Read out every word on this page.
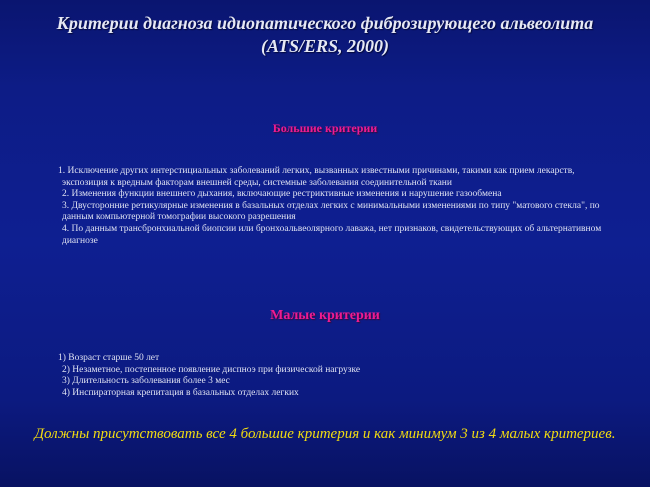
Критерии диагноза идиопатического фиброзирующего альвеолита (ATS/ERS, 2000)
Большие критерии
1. Исключение других интерстициальных заболеваний легких, вызванных известными причинами, такими как прием лекарств, экспозиция к вредным факторам внешней среды, системные заболевания соединительной ткани
2. Изменения функции внешнего дыхания, включающие рестриктивные изменения и нарушение газообмена
3. Двусторонние ретикулярные изменения в базальных отделах легких с минимальными изменениями по типу "матового стекла", по данным компьютерной томографии высокого разрешения
4. По данным трансбронхиальной биопсии или бронхоальвеолярного лаважа, нет признаков, свидетельствующих об альтернативном диагнозе
Малые критерии
1) Возраст старше 50 лет
2) Незаметное, постепенное появление диспноэ при физической нагрузке
3) Длительность заболевания более 3 мес
4) Инспираторная крепитация в базальных отделах легких

Должны присутствовать все 4 большие критерия и как минимум 3 из 4 малых критериев.
